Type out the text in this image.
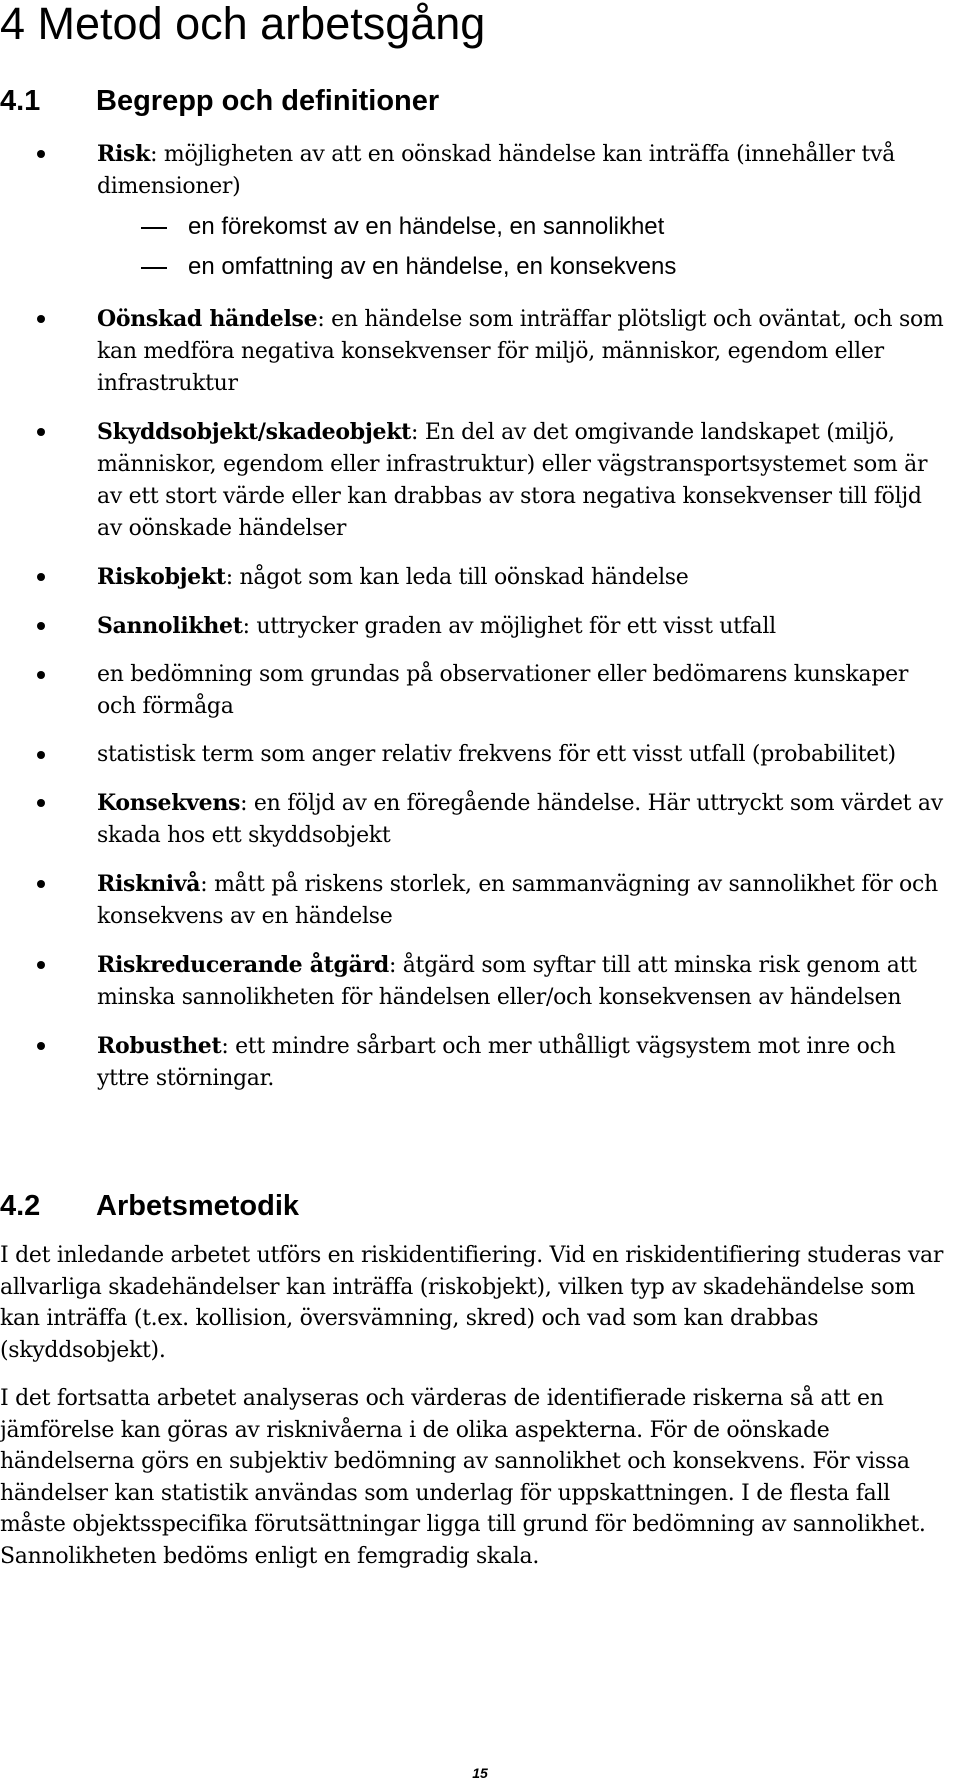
4 Metod och arbetsgång
4.1 Begrepp och definitioner
Risk: möjligheten av att en oönskad händelse kan inträffa (innehåller två dimensioner)
en förekomst av en händelse, en sannolikhet
en omfattning av en händelse, en konsekvens
Oönskad händelse: en händelse som inträffar plötsligt och oväntat, och som kan medföra negativa konsekvenser för miljö, människor, egendom eller infrastruktur
Skyddsobjekt/skadeobjekt: En del av det omgivande landskapet (miljö, människor, egendom eller infrastruktur) eller vägstransportsystemet som är av ett stort värde eller kan drabbas av stora negativa konsekvenser till följd av oönskade händelser
Riskobjekt: något som kan leda till oönskad händelse
Sannolikhet: uttrycker graden av möjlighet för ett visst utfall
en bedömning som grundas på observationer eller bedömarens kunskaper och förmåga
statistisk term som anger relativ frekvens för ett visst utfall (probabilitet)
Konsekvens: en följd av en föregående händelse. Här uttryckt som värdet av skada hos ett skyddsobjekt
Risknivå: mått på riskens storlek, en sammanvägning av sannolikhet för och konsekvens av en händelse
Riskreducerande åtgärd: åtgärd som syftar till att minska risk genom att minska sannolikheten för händelsen eller/och konsekvensen av händelsen
Robusthet: ett mindre sårbart och mer uthålligt vägsystem mot inre och yttre störningar.
4.2 Arbetsmetodik
I det inledande arbetet utförs en riskidentifiering. Vid en riskidentifiering studeras var allvarliga skadehändelser kan inträffa (riskobjekt), vilken typ av skadehändelse som kan inträffa (t.ex. kollision, översvämning, skred) och vad som kan drabbas (skyddsobjekt).
I det fortsatta arbetet analyseras och värderas de identifierade riskerna så att en jämförelse kan göras av risknivåerna i de olika aspekterna. För de oönskade händelserna görs en subjektiv bedömning av sannolikhet och konsekvens. För vissa händelser kan statistik användas som underlag för uppskattningen. I de flesta fall måste objektsspecifika förutsättningar ligga till grund för bedömning av sannolikhet. Sannolikheten bedöms enligt en femgradig skala.
15
